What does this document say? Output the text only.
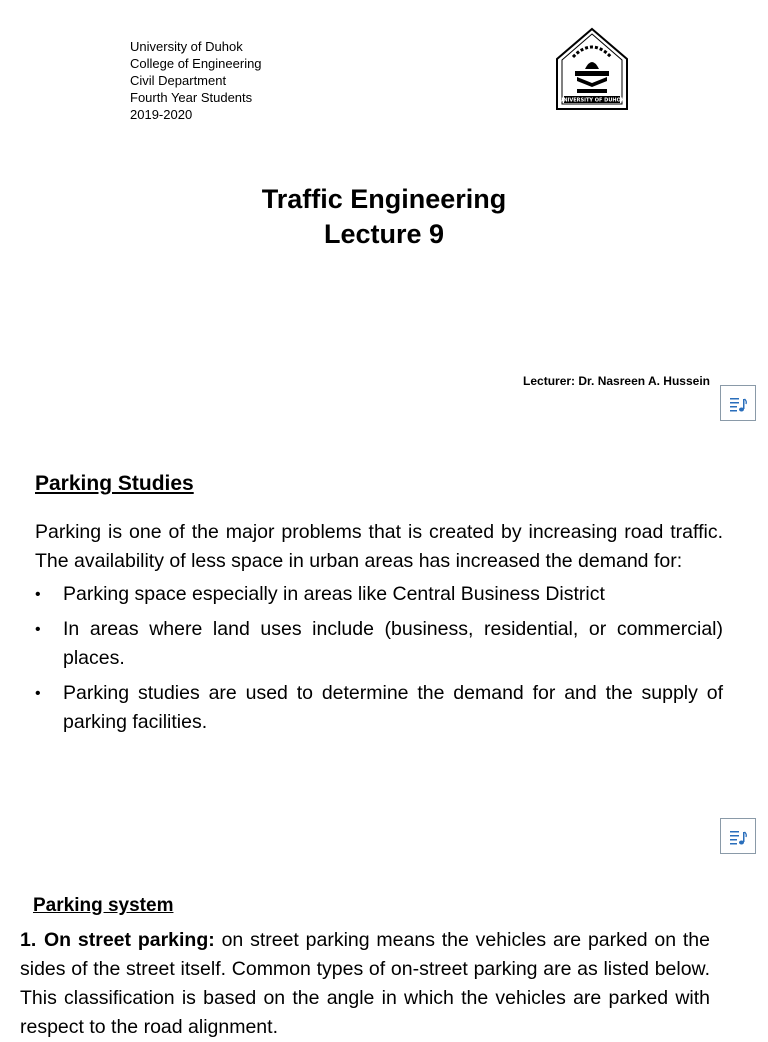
University of Duhok
College of Engineering
Civil Department
Fourth Year Students
2019-2020
UNIVERSITY OF DUHOK
Traffic Engineering
Lecture 9
Lecturer: Dr. Nasreen A. Hussein
Parking Studies

Parking is one of the major problems that is created by increasing road traffic. The availability of less space in urban areas has increased the demand for:

• Parking space especially in areas like Central Business District
• In areas where land uses include (business, residential, or commercial) places.
• Parking studies are used to determine the demand for and the supply of parking facilities.
Parking system
1. On street parking: on street parking means the vehicles are parked on the sides of the street itself. Common types of on-street parking are as listed below. This classification is based on the angle in which the vehicles are parked with respect to the road alignment.
